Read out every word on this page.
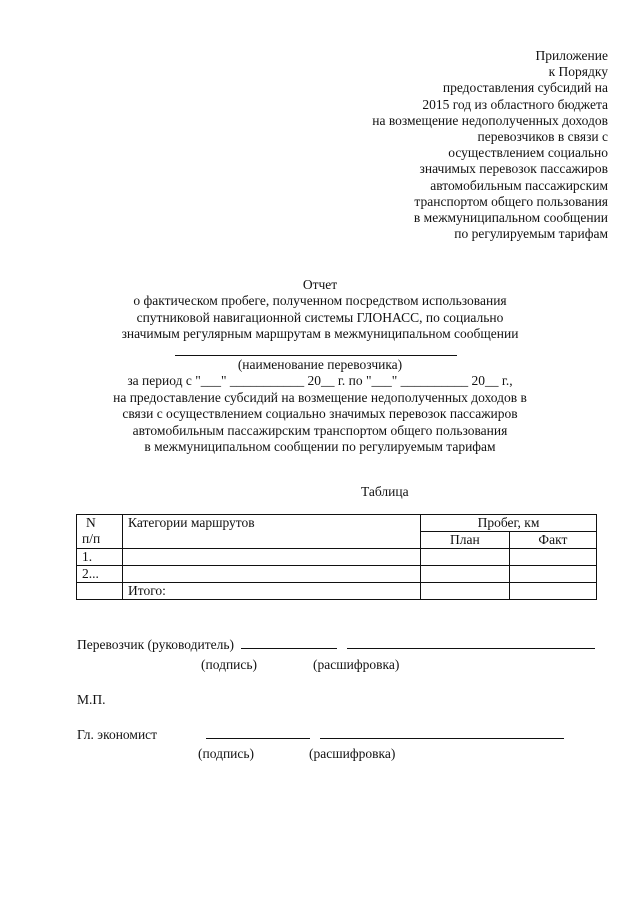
Приложение
к Порядку
предоставления субсидий на
2015 год из областного бюджета
на возмещение недополученных доходов
перевозчиков в связи с
осуществлением социально
значимых перевозок пассажиров
автомобильным пассажирским
транспортом общего пользования
в межмуниципальном сообщении
по регулируемым тарифам
Отчет
о фактическом пробеге, полученном посредством использования
спутниковой навигационной системы ГЛОНАСС, по социально
значимым регулярным маршрутам в межмуниципальном сообщении
(наименование перевозчика)
за период с "___" ___________ 20__ г. по "___" __________ 20__ г.,
на предоставление субсидий на возмещение недополученных доходов в
связи с осуществлением социально значимых перевозок пассажиров
автомобильным пассажирским транспортом общего пользования
в межмуниципальном сообщении по регулируемым тарифам
Таблица
N
п/п	Категории маршрутов	Пробег, км	
		План	Факт
1.			
2...			
	Итого:		
Перевозчик (руководитель)
(подпись)	(расшифровка)
М.П.
Гл. экономист
(подпись)	(расшифровка)
